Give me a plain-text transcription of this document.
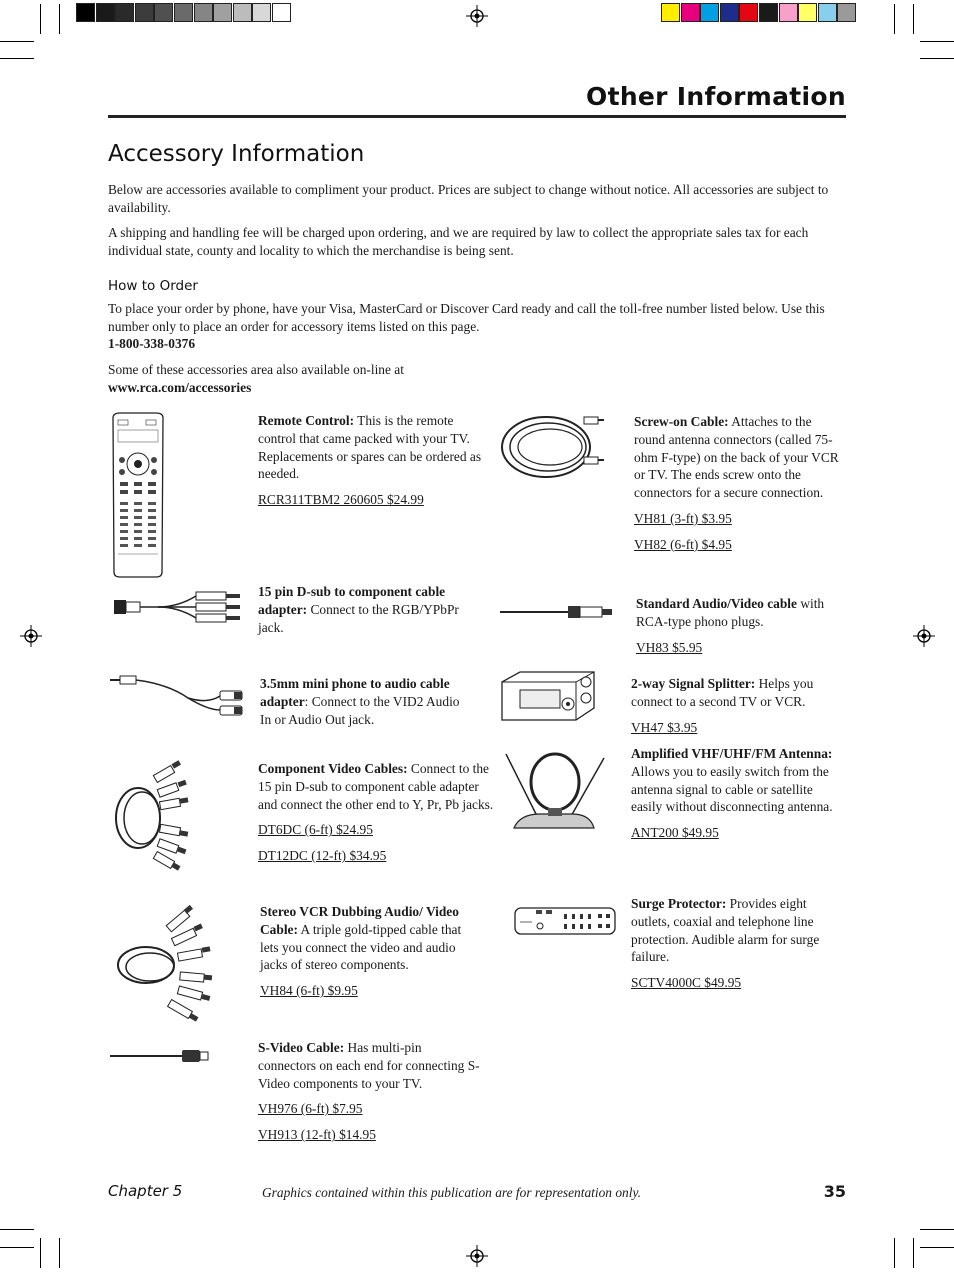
Other Information
Accessory Information

Below are accessories available to compliment your product. Prices are subject to change without notice. All accessories are subject to availability.

A shipping and handling fee will be charged upon ordering, and we are required by law to collect the appropriate sales tax for each individual state, county and locality to which the merchandise is being sent.

How to Order

To place your order by phone, have your Visa, MasterCard or Discover Card ready and call the toll-free number listed below. Use this number only to place an order for accessory items listed on this page.

1-800-338-0376

Some of these accessories area also available on-line at

www.rca.com/accessories

Remote Control: This is the remote control that came packed with your TV. Replacements or spares can be ordered as needed.

RCR311TBM2 260605 $24.99

15 pin D-sub to component cable adapter: Connect to the RGB/YPbPr jack.

3.5mm mini phone to audio cable adapter: Connect to the VID2 Audio In or Audio Out jack.

Component Video Cables: Connect to the 15 pin D-sub to component cable adapter and connect the other end to Y, Pr, Pb jacks.

DT6DC (6-ft) $24.95

DT12DC (12-ft) $34.95

Stereo VCR Dubbing Audio/ Video Cable: A triple gold-tipped cable that lets you connect the video and audio jacks of stereo components.

VH84 (6-ft) $9.95

S-Video Cable: Has multi-pin connectors on each end for connecting S-Video components to your TV.

VH976 (6-ft) $7.95

VH913 (12-ft) $14.95

Screw-on Cable: Attaches to the round antenna connectors (called 75-ohm F-type) on the back of your VCR or TV. The ends screw onto the connectors for a secure connection.

VH81 (3-ft) $3.95

VH82 (6-ft) $4.95

Standard Audio/Video cable with RCA-type phono plugs.

VH83 $5.95

2-way Signal Splitter: Helps you connect to a second TV or VCR.

VH47 $3.95

Amplified VHF/UHF/FM Antenna: Allows you to easily switch from the antenna signal to cable or satellite easily without disconnecting antenna.

ANT200 $49.95

Surge Protector: Provides eight outlets, coaxial and telephone line protection. Audible alarm for surge failure.

SCTV4000C $49.95

Chapter 5	Graphics contained within this publication are for representation only.	35
